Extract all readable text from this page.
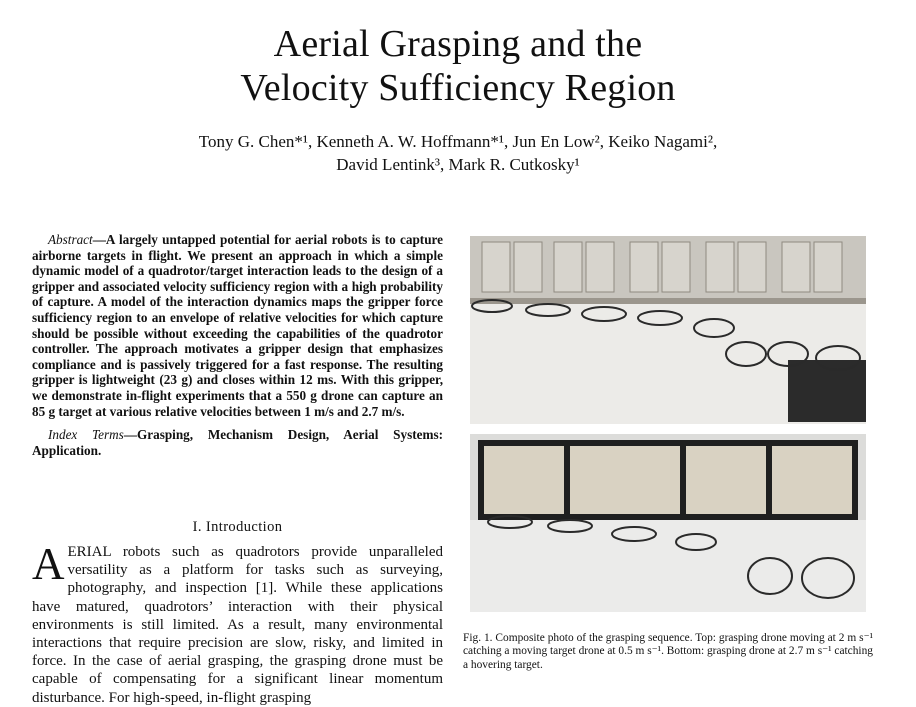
Aerial Grasping and the
Velocity Sufficiency Region
Tony G. Chen*¹, Kenneth A. W. Hoffmann*¹, Jun En Low², Keiko Nagami²,
David Lentink³, Mark R. Cutkosky¹

Abstract—A largely untapped potential for aerial robots is to capture airborne targets in flight. We present an approach in which a simple dynamic model of a quadrotor/target interaction leads to the design of a gripper and associated velocity sufficiency region with a high probability of capture. A model of the interaction dynamics maps the gripper force sufficiency region to an envelope of relative velocities for which capture should be possible without exceeding the capabilities of the quadrotor controller. The approach motivates a gripper design that emphasizes compliance and is passively triggered for a fast response. The resulting gripper is lightweight (23 g) and closes within 12 ms. With this gripper, we demonstrate in-flight experiments that a 550 g drone can capture an 85 g target at various relative velocities between 1 m/s and 2.7 m/s.

Index Terms—Grasping, Mechanism Design, Aerial Systems: Application.

I. Introduction
AERIAL robots such as quadrotors provide unparalleled versatility as a platform for tasks such as surveying, photography, and inspection [1]. While these applications have matured, quadrotors’ interaction with their physical environments is still limited. As a result, many environmental interactions that require precision are slow, risky, and limited in force. In the case of aerial grasping, the grasping drone must be capable of compensating for a significant linear momentum disturbance. For high-speed, in-flight grasping
Fig. 1. Composite photo of the grasping sequence. Top: grasping drone moving at 2 m s⁻¹ catching a moving target drone at 0.5 m s⁻¹. Bottom: grasping drone at 2.7 m s⁻¹ catching a hovering target.
